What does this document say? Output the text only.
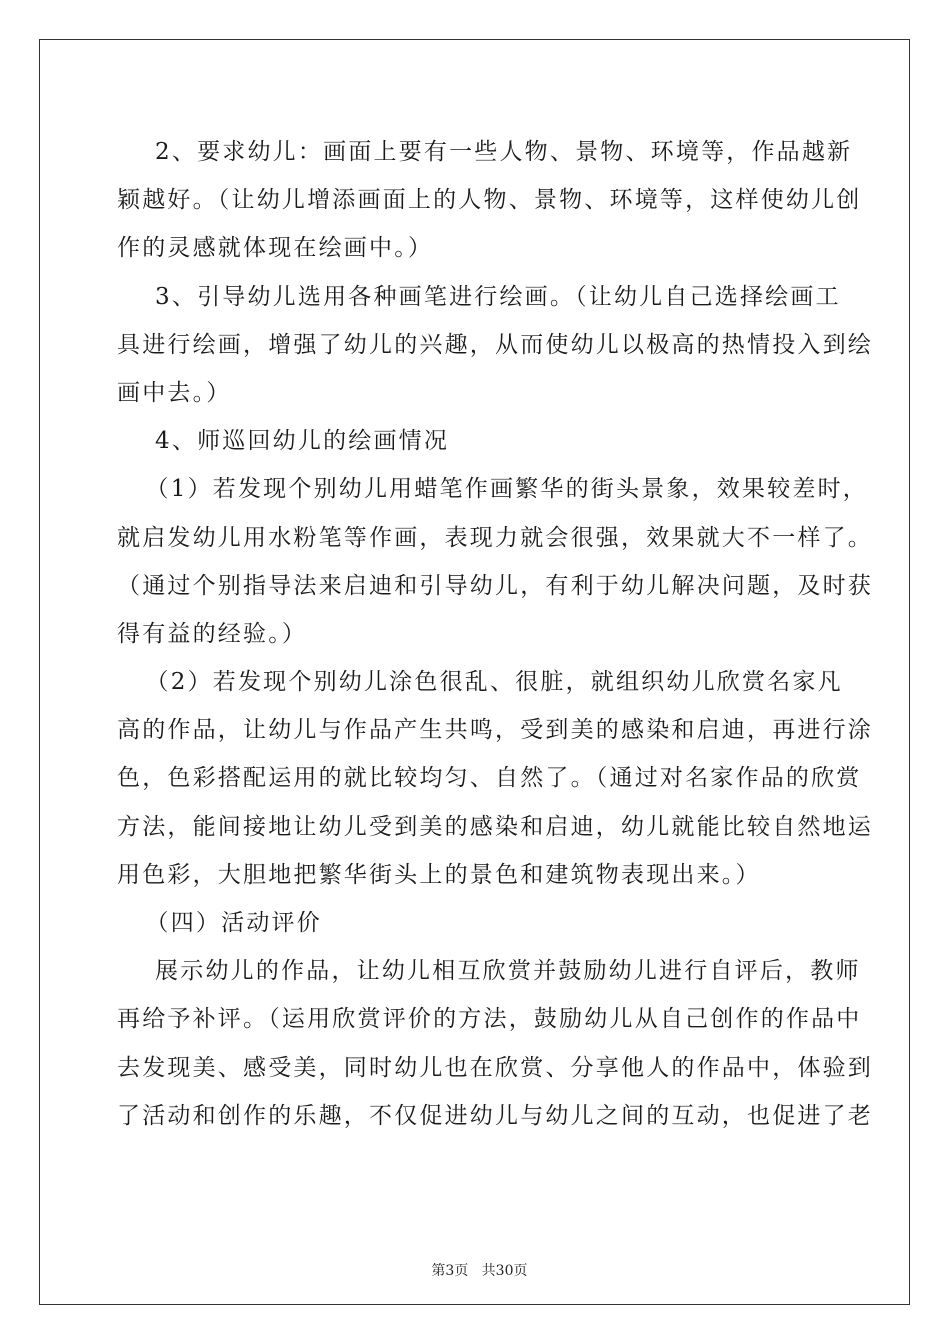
2、要求幼儿：画面上要有一些人物、景物、环境等，作品越新
颖越好。（让幼儿增添画面上的人物、景物、环境等，这样使幼儿创
作的灵感就体现在绘画中。）
3、引导幼儿选用各种画笔进行绘画。（让幼儿自己选择绘画工
具进行绘画，增强了幼儿的兴趣，从而使幼儿以极高的热情投入到绘
画中去。）
4、师巡回幼儿的绘画情况
（1）若发现个别幼儿用蜡笔作画繁华的街头景象，效果较差时，
就启发幼儿用水粉笔等作画，表现力就会很强，效果就大不一样了。
（通过个别指导法来启迪和引导幼儿，有利于幼儿解决问题，及时获
得有益的经验。）
（2）若发现个别幼儿涂色很乱、很脏，就组织幼儿欣赏名家凡
高的作品，让幼儿与作品产生共鸣，受到美的感染和启迪，再进行涂
色，色彩搭配运用的就比较均匀、自然了。（通过对名家作品的欣赏
方法，能间接地让幼儿受到美的感染和启迪，幼儿就能比较自然地运
用色彩，大胆地把繁华街头上的景色和建筑物表现出来。）
（四）活动评价
展示幼儿的作品，让幼儿相互欣赏并鼓励幼儿进行自评后，教师
再给予补评。（运用欣赏评价的方法，鼓励幼儿从自己创作的作品中
去发现美、感受美，同时幼儿也在欣赏、分享他人的作品中，体验到
了活动和创作的乐趣，不仅促进幼儿与幼儿之间的互动，也促进了老

第3页   共30页
